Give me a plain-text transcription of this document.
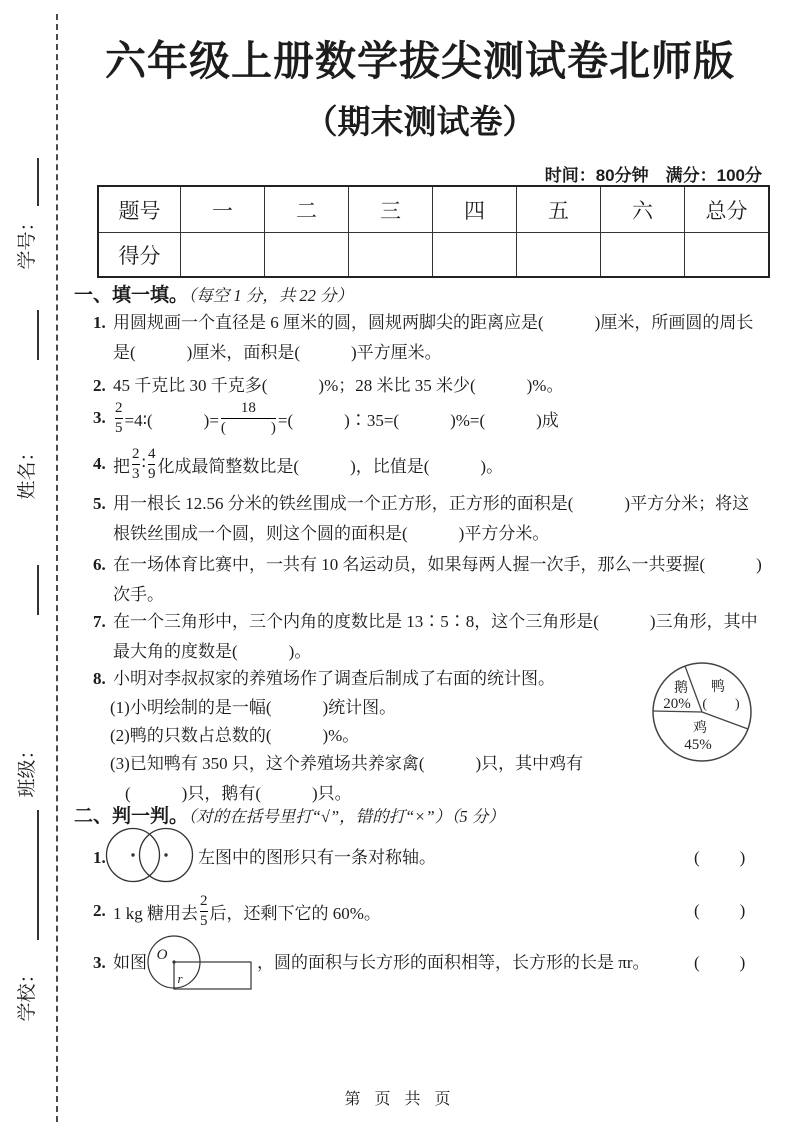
学号：
姓名：
班级：
学校：
六年级上册数学拔尖测试卷北师版
（期末测试卷）
时间：80分钟　满分：100分
题号	一	二	三	四	五	六	总分
得分							
一、填一填。（每空 1 分，共 22 分）
1. 用圆规画一个直径是 6 厘米的圆，圆规两脚尖的距离应是(　　　)厘米，所画圆的周长
是(　　　)厘米，面积是(　　　)平方厘米。
2. 45 千克比 30 千克多(　　　)%；28 米比 35 米少(　　　)%。
3. $\frac{2}{5}$ =4∶(　　　)= $\frac{18}{( )}$ =(　　　)∶35=(　　　)%=(　　　)成
4. 把 $\frac{2}{3}$ ∶ $\frac{4}{9}$ 化成最简整数比是(　　　)，比值是(　　　)。
5. 用一根长 12.56 分米的铁丝围成一个正方形，正方形的面积是(　　　)平方分米；将这
根铁丝围成一个圆，则这个圆的面积是(　　　)平方分米。
6. 在一场体育比赛中，一共有 10 名运动员，如果每两人握一次手，那么一共要握(　　　)
次手。
7. 在一个三角形中，三个内角的度数比是 13∶5∶8，这个三角形是(　　　)三角形，其中
最大角的度数是(　　　)。
8. 小明对李叔叔家的养殖场作了调查后制成了右面的统计图。
(1)小明绘制的是一幅(　　　)统计图。
(2)鸭的只数占总数的(　　　)%。
(3)已知鸭有 350 只，这个养殖场共养家禽(　　　)只，其中鸡有
(　　　)只，鹅有(　　　)只。
鹅
20%
鸭
(　　)
鸡
45%
二、判一判。（对的在括号里打“√”，错的打“×”）（5 分）
1.	左图中的图形只有一条对称轴。	(　　)
2. 1 kg 糖用去 $\frac{2}{5}$ 后，还剩下它的 60%。	(　　)
3. 如图 O
r
，圆的面积与长方形的面积相等，长方形的长是 πr。	(　　)
第 页 共 页
